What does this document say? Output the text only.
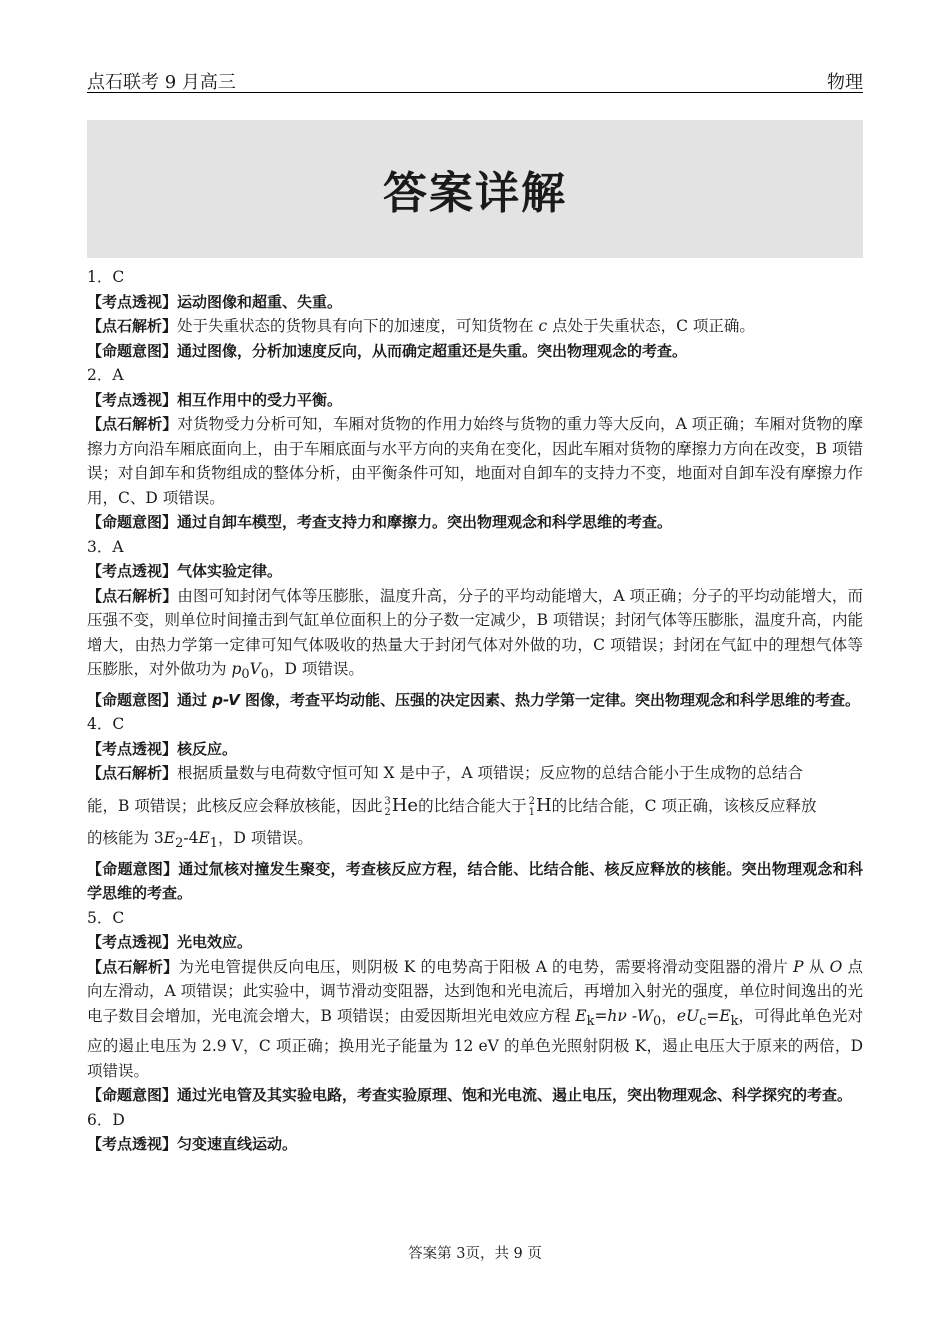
点石联考 9 月高三	物理
答案详解
1．C
【考点透视】运动图像和超重、失重。
【点石解析】处于失重状态的货物具有向下的加速度，可知货物在 c 点处于失重状态，C 项正确。
【命题意图】通过图像，分析加速度反向，从而确定超重还是失重。突出物理观念的考查。
2．A
【考点透视】相互作用中的受力平衡。
【点石解析】对货物受力分析可知，车厢对货物的作用力始终与货物的重力等大反向，A 项正确；车厢对货物的摩擦力方向沿车厢底面向上，由于车厢底面与水平方向的夹角在变化，因此车厢对货物的摩擦力方向在改变，B 项错误；对自卸车和货物组成的整体分析，由平衡条件可知，地面对自卸车的支持力不变，地面对自卸车没有摩擦力作用，C、D 项错误。
【命题意图】通过自卸车模型，考查支持力和摩擦力。突出物理观念和科学思维的考查。
3．A
【考点透视】气体实验定律。
【点石解析】由图可知封闭气体等压膨胀，温度升高，分子的平均动能增大，A 项正确；分子的平均动能增大，而压强不变，则单位时间撞击到气缸单位面积上的分子数一定减少，B 项错误；封闭气体等压膨胀，温度升高，内能增大，由热力学第一定律可知气体吸收的热量大于封闭气体对外做的功，C 项错误；封闭在气缸中的理想气体等压膨胀，对外做功为 $p_0V_0$，D 项错误。
【命题意图】通过 p-V 图像，考查平均动能、压强的决定因素、热力学第一定律。突出物理观念和科学思维的考查。
4．C
【考点透视】核反应。
【点石解析】根据质量数与电荷数守恒可知 X 是中子，A 项错误；反应物的总结合能小于生成物的总结合
能，B 项错误；此核反应会释放核能，因此 3
2 He的比结合能大于 2
1 H的比结合能，C 项正确，该核反应释放
的核能为 $3E_2-4E_1$，D 项错误。
【命题意图】通过氚核对撞发生聚变，考查核反应方程，结合能、比结合能、核反应释放的核能。突出物理观念和科学思维的考查。
5．C
【考点透视】光电效应。
【点石解析】为光电管提供反向电压，则阴极 K 的电势高于阳极 A 的电势，需要将滑动变阻器的滑片 P 从 O 点向左滑动，A 项错误；此实验中，调节滑动变阻器，达到饱和光电流后，再增加入射光的强度，单位时间逸出的光电子数目会增加，光电流会增大，B 项错误；由爱因斯坦光电效应方程 $E_k=h\nu$ $-W_0$，$eU_c=E_k$，可得此单色光对应的遏止电压为 2.9 V，C 项正确；换用光子能量为 12 eV 的单色光照射阴极 K，遏止电压大于原来的两倍，D 项错误。
【命题意图】通过光电管及其实验电路，考查实验原理、饱和光电流、遏止电压，突出物理观念、科学探究的考查。
6．D
【考点透视】匀变速直线运动。
答案第 3页，共 9 页
